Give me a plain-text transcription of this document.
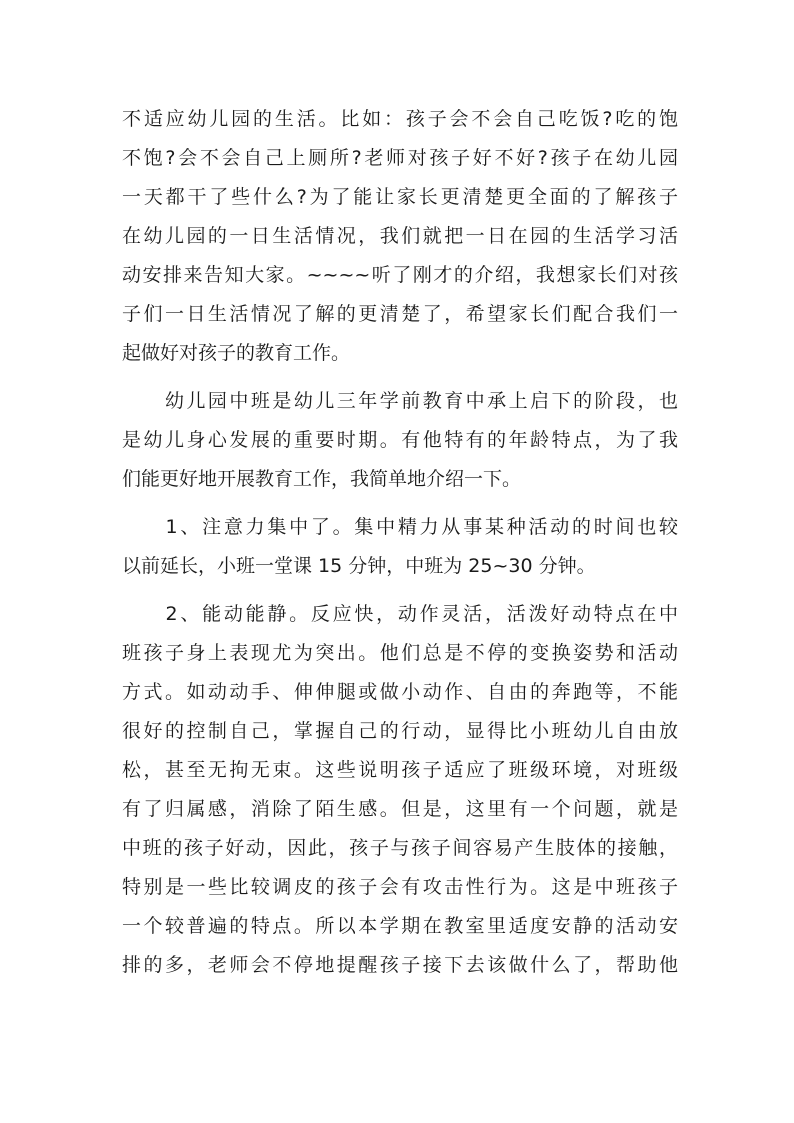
不适应幼儿园的生活。比如：孩子会不会自己吃饭?吃的饱
不饱?会不会自己上厕所?老师对孩子好不好?孩子在幼儿园
一天都干了些什么?为了能让家长更清楚更全面的了解孩子
在幼儿园的一日生活情况，我们就把一日在园的生活学习活
动安排来告知大家。~~~~听了刚才的介绍，我想家长们对孩
子们一日生活情况了解的更清楚了，希望家长们配合我们一
起做好对孩子的教育工作。
　　幼儿园中班是幼儿三年学前教育中承上启下的阶段，也
是幼儿身心发展的重要时期。有他特有的年龄特点，为了我
们能更好地开展教育工作，我简单地介绍一下。
　　1、注意力集中了。集中精力从事某种活动的时间也较
以前延长，小班一堂课 15 分钟，中班为 25~30 分钟。
　　2、能动能静。反应快，动作灵活，活泼好动特点在中
班孩子身上表现尤为突出。他们总是不停的变换姿势和活动
方式。如动动手、伸伸腿或做小动作、自由的奔跑等，不能
很好的控制自己，掌握自己的行动，显得比小班幼儿自由放
松，甚至无拘无束。这些说明孩子适应了班级环境，对班级
有了归属感，消除了陌生感。但是，这里有一个问题，就是
中班的孩子好动，因此，孩子与孩子间容易产生肢体的接触，
特别是一些比较调皮的孩子会有攻击性行为。这是中班孩子
一个较普遍的特点。所以本学期在教室里适度安静的活动安
排的多，老师会不停地提醒孩子接下去该做什么了，帮助他
